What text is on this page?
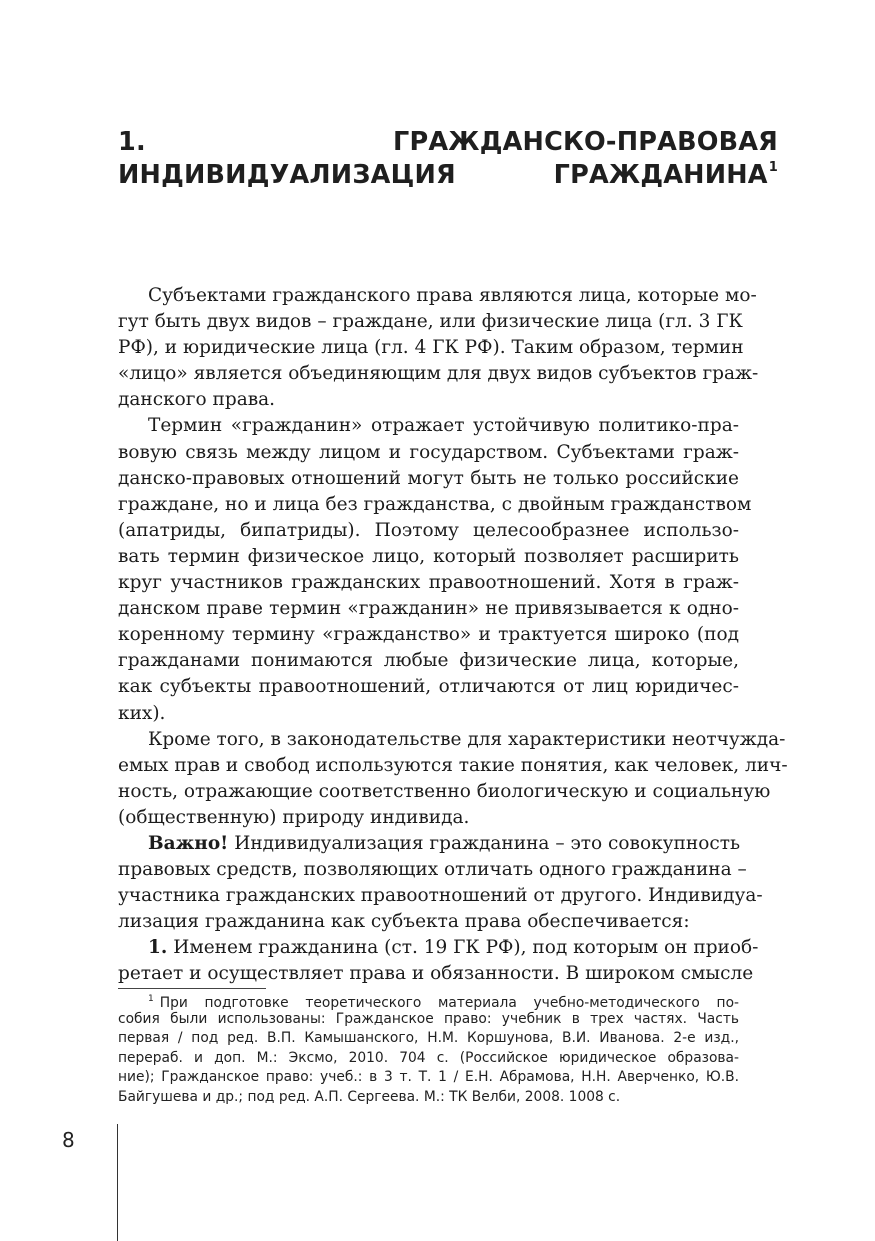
1. ГРАЖДАНСКО-ПРАВОВАЯ
ИНДИВИДУАЛИЗАЦИЯ ГРАЖДАНИНА$^1$
Субъектами гражданского права являются лица, которые мо-
гут быть двух видов – граждане, или физические лица (гл. 3 ГК
РФ), и юридические лица (гл. 4 ГК РФ). Таким образом, термин
«лицо» является объединяющим для двух видов субъектов граж-
данского права.
Термин «гражданин» отражает устойчивую политико-пра-
вовую связь между лицом и государством. Субъектами граж-
данско-правовых отношений могут быть не только российские
граждане, но и лица без гражданства, с двойным гражданством
(апатриды, бипатриды). Поэтому целесообразнее использо-
вать термин физическое лицо, который позволяет расширить
круг участников гражданских правоотношений. Хотя в граж-
данском праве термин «гражданин» не привязывается к одно-
коренному термину «гражданство» и трактуется широко (под
гражданами понимаются любые физические лица, которые,
как субъекты правоотношений, отличаются от лиц юридичес-
ких).
Кроме того, в законодательстве для характеристики неотчужда-
емых прав и свобод используются такие понятия, как человек, лич-
ность, отражающие соответственно биологическую и социальную
(общественную) природу индивида.
Важно! Индивидуализация гражданина – это совокупность
правовых средств, позволяющих отличать одного гражданина –
участника гражданских правоотношений от другого. Индивидуа-
лизация гражданина как субъекта права обеспечивается:
1. Именем гражданина (ст. 19 ГК РФ), под которым он приоб-
ретает и осуществляет права и обязанности. В широком смысле
$^1$ При подготовке теоретического материала учебно-методического по-
собия были использованы: Гражданское право: учебник в трех частях. Часть
первая / под ред. В.П. Камышанского, Н.М. Коршунова, В.И. Иванова. 2-е изд.,
перераб. и доп. М.: Эксмо, 2010. 704 с. (Российское юридическое образова-
ние); Гражданское право: учеб.: в 3 т. Т. 1 / Е.Н. Абрамова, Н.Н. Аверченко, Ю.В.
Байгушева и др.; под ред. А.П. Сергеева. М.: ТК Велби, 2008. 1008 с.
8
